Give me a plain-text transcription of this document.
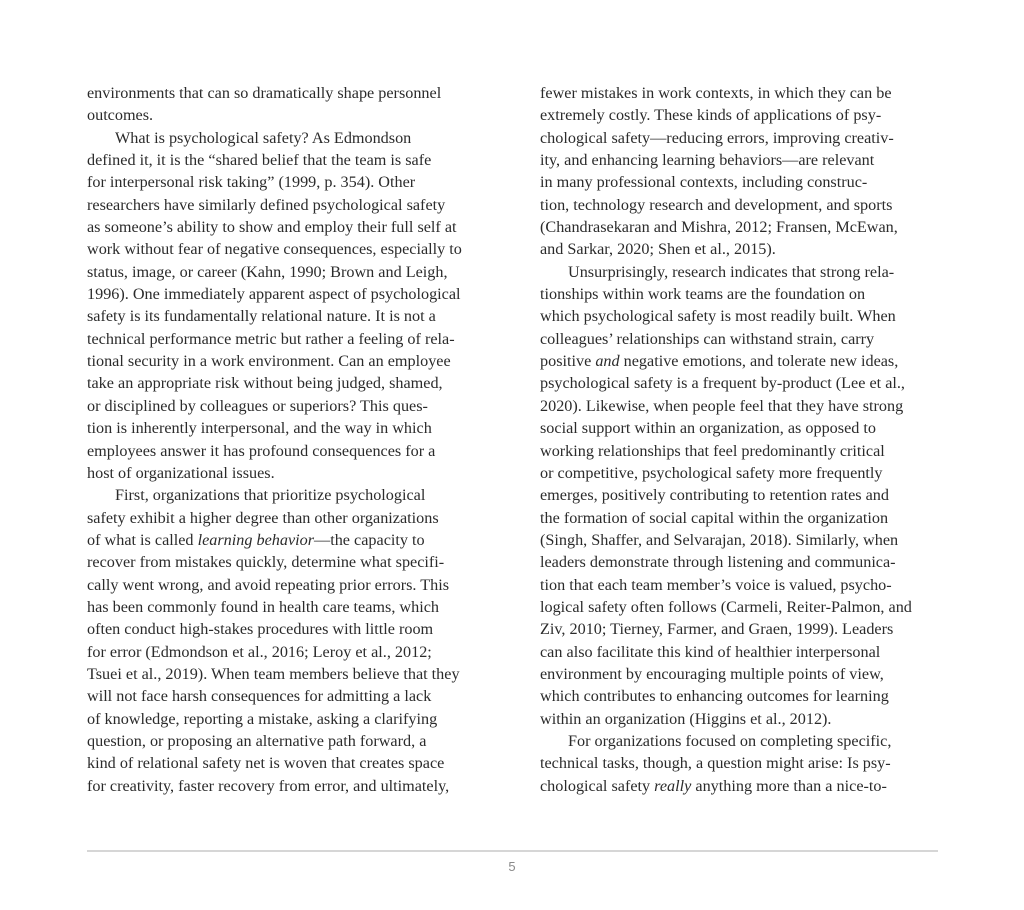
environments that can so dramatically shape personnel
outcomes.
What is psychological safety? As Edmondson
defined it, it is the “shared belief that the team is safe
for interpersonal risk taking” (1999, p. 354). Other
researchers have similarly defined psychological safety
as someone’s ability to show and employ their full self at
work without fear of negative consequences, especially to
status, image, or career (Kahn, 1990; Brown and Leigh,
1996). One immediately apparent aspect of psychological
safety is its fundamentally relational nature. It is not a
technical performance metric but rather a feeling of rela-
tional security in a work environment. Can an employee
take an appropriate risk without being judged, shamed,
or disciplined by colleagues or superiors? This ques-
tion is inherently interpersonal, and the way in which
employees answer it has profound consequences for a
host of organizational issues.
First, organizations that prioritize psychological
safety exhibit a higher degree than other organizations
of what is called learning behavior—the capacity to
recover from mistakes quickly, determine what specifi-
cally went wrong, and avoid repeating prior errors. This
has been commonly found in health care teams, which
often conduct high-stakes procedures with little room
for error (Edmondson et al., 2016; Leroy et al., 2012;
Tsuei et al., 2019). When team members believe that they
will not face harsh consequences for admitting a lack
of knowledge, reporting a mistake, asking a clarifying
question, or proposing an alternative path forward, a
kind of relational safety net is woven that creates space
for creativity, faster recovery from error, and ultimately,
fewer mistakes in work contexts, in which they can be
extremely costly. These kinds of applications of psy-
chological safety—reducing errors, improving creativ-
ity, and enhancing learning behaviors—are relevant
in many professional contexts, including construc-
tion, technology research and development, and sports
(Chandrasekaran and Mishra, 2012; Fransen, McEwan,
and Sarkar, 2020; Shen et al., 2015).
Unsurprisingly, research indicates that strong rela-
tionships within work teams are the foundation on
which psychological safety is most readily built. When
colleagues’ relationships can withstand strain, carry
positive and negative emotions, and tolerate new ideas,
psychological safety is a frequent by-product (Lee et al.,
2020). Likewise, when people feel that they have strong
social support within an organization, as opposed to
working relationships that feel predominantly critical
or competitive, psychological safety more frequently
emerges, positively contributing to retention rates and
the formation of social capital within the organization
(Singh, Shaffer, and Selvarajan, 2018). Similarly, when
leaders demonstrate through listening and communica-
tion that each team member’s voice is valued, psycho-
logical safety often follows (Carmeli, Reiter-Palmon, and
Ziv, 2010; Tierney, Farmer, and Graen, 1999). Leaders
can also facilitate this kind of healthier interpersonal
environment by encouraging multiple points of view,
which contributes to enhancing outcomes for learning
within an organization (Higgins et al., 2012).
For organizations focused on completing specific,
technical tasks, though, a question might arise: Is psy-
chological safety really anything more than a nice-to-
5
